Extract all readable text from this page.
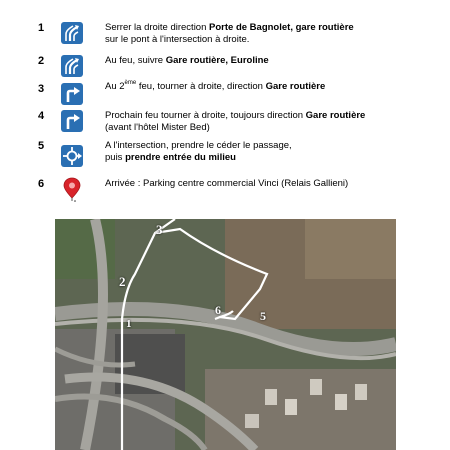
1	Serrer la droite direction Porte de Bagnolet, gare routière
sur le pont à l'intersection à droite.
2	Au feu, suivre Gare routière, Euroline
3	Au 2ème feu, tourner à droite, direction Gare routière
4	Prochain feu tourner à droite, toujours direction Gare routière
(avant l'hôtel Mister Bed)
5	A l'intersection, prendre le céder le passage,
puis prendre entrée du milieu
6	Arrivée : Parking centre commercial Vinci (Relais Gallieni)
3
2
1
6	5
